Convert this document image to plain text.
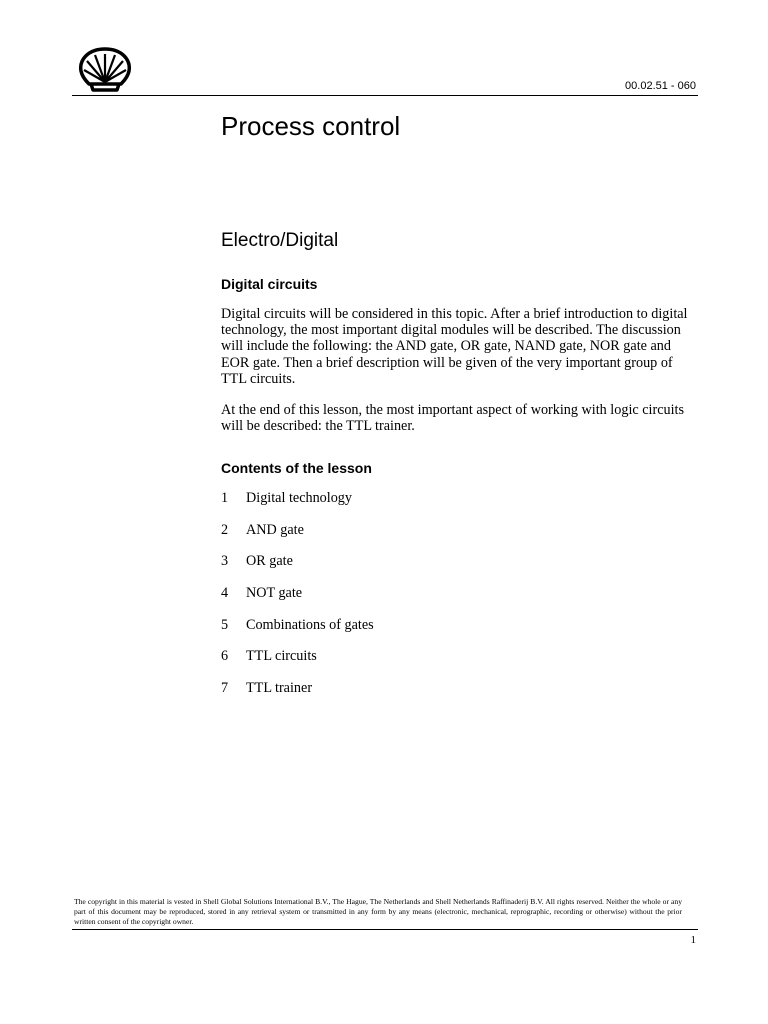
00.02.51 - 060
Process control
Electro/Digital
Digital circuits

Digital circuits will be considered in this topic. After a brief introduction to digital technology, the most important digital modules will be described. The discussion will include the following: the AND gate, OR gate, NAND gate, NOR gate and EOR gate. Then a brief description will be given of the very important group of TTL circuits.

At the end of this lesson, the most important aspect of working with logic circuits will be described: the TTL trainer.

Contents of the lesson
1	Digital technology
2	AND gate
3	OR gate
4	NOT gate
5	Combinations of gates
6	TTL circuits
7	TTL trainer

The copyright in this material is vested in Shell Global Solutions International B.V., The Hague, The Netherlands and Shell Netherlands Raffinaderij B.V. All rights reserved. Neither the whole or any part of this document may be reproduced, stored in any retrieval system or transmitted in any form by any means (electronic, mechanical, reprographic, recording or otherwise) without the prior written consent of the copyright owner.

1
